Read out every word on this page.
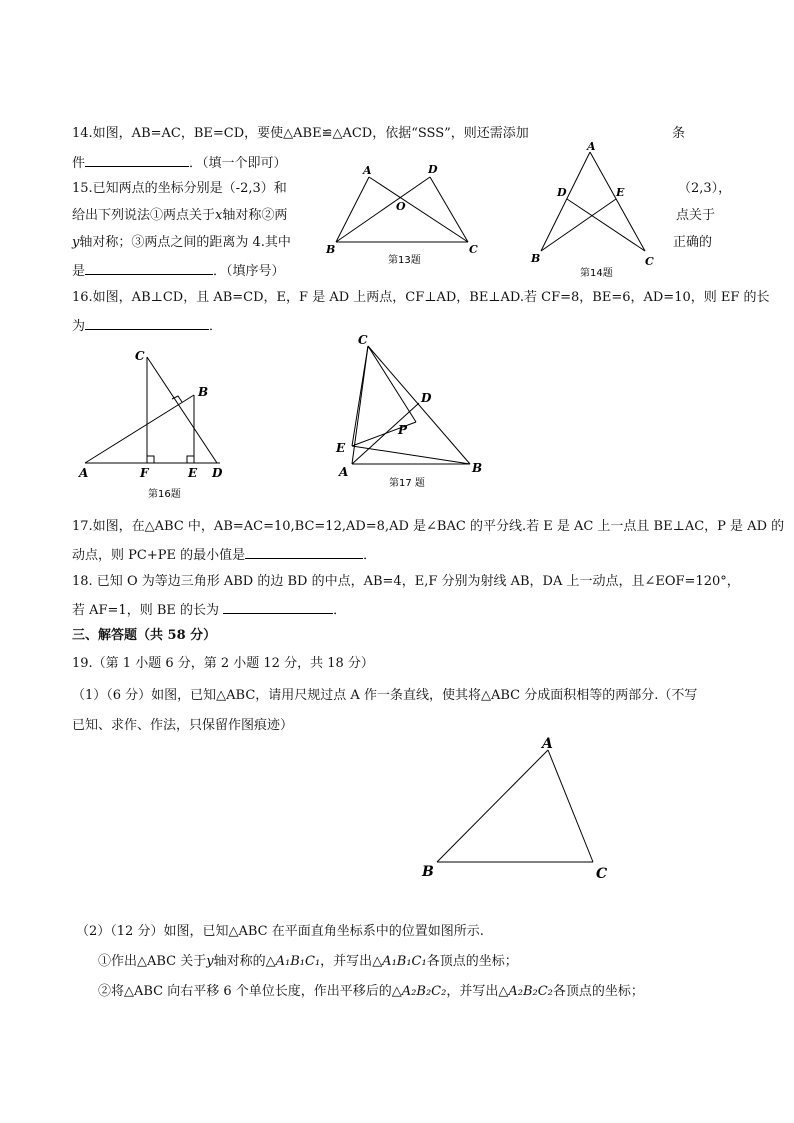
14.如图，AB=AC，BE=CD，要使△ABE≌△ACD，依据“SSS”，则还需添加	条
件	．（填一个即可）
15.已知两点的坐标分别是（-2,3）和	（2,3），
给出下列说法①两点关于x轴对称②两	点关于
y轴对称；③两点之间的距离为 4.其中	正确的
是	．（填序号）
A	D
O
B	C
第13题
A
D	E
B	C
第14题
16.如图，AB⊥CD，且 AB=CD，E，F 是 AD 上两点，CF⊥AD，BE⊥AD.若 CF=8，BE=6，AD=10，则 EF 的长
为	．
C
B
A	F	E D
第16题
C
D
P
E
A	B
第17 题
17.如图，在△ABC 中，AB=AC=10,BC=12,AD=8,AD 是∠BAC 的平分线.若 E 是 AC 上一点且 BE⊥AC，P 是 AD 的
动点，则 PC+PE 的最小值是	．
18. 已知 O 为等边三角形 ABD 的边 BD 的中点，AB=4，E,F 分别为射线 AB，DA 上一动点，且∠EOF=120°，
若 AF=1，则 BE 的长为	．
三、解答题（共 58 分）
19.（第 1 小题 6 分，第 2 小题 12 分，共 18 分）
（1）（6 分）如图，已知△ABC，请用尺规过点 A 作一条直线，使其将△ABC 分成面积相等的两部分.（不写
已知、求作、作法，只保留作图痕迹）
A
B	C
（2）（12 分）如图，已知△ABC 在平面直角坐标系中的位置如图所示.
①作出△ABC 关于y轴对称的△A₁B₁C₁，并写出△A₁B₁C₁各顶点的坐标；
②将△ABC 向右平移 6 个单位长度，作出平移后的△A₂B₂C₂，并写出△A₂B₂C₂各顶点的坐标；
